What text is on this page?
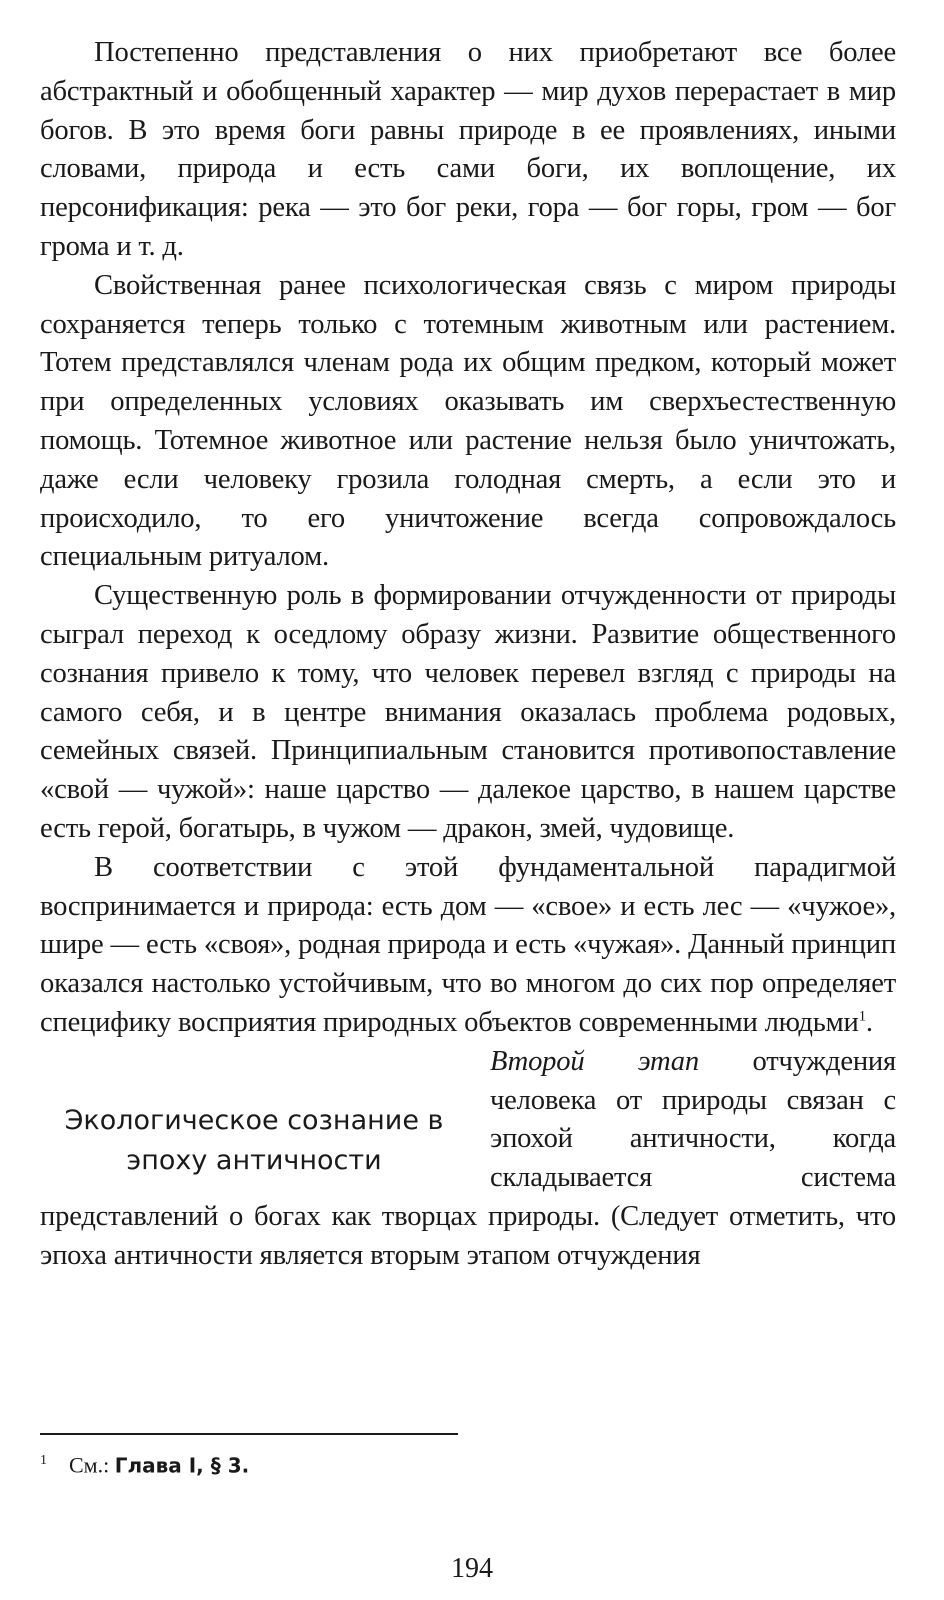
Постепенно представления о них приобретают все более абстрактный и обобщенный характер — мир духов перерастает в мир богов. В это время боги равны природе в ее проявлениях, иными словами, природа и есть сами боги, их воплощение, их персонификация: река — это бог реки, гора — бог горы, гром — бог грома и т. д.

Свойственная ранее психологическая связь с миром природы сохраняется теперь только с тотемным животным или растением. Тотем представлялся членам рода их общим предком, который может при определенных условиях оказывать им сверхъестественную помощь. Тотемное животное или растение нельзя было уничтожать, даже если человеку грозила голодная смерть, а если это и происходило, то его уничтожение всегда сопровождалось специальным ритуалом.

Существенную роль в формировании отчужденности от природы сыграл переход к оседлому образу жизни. Развитие общественного сознания привело к тому, что человек перевел взгляд с природы на самого себя, и в центре внимания оказалась проблема родовых, семейных связей. Принципиальным становится противопоставление «свой — чужой»: наше царство — далекое царство, в нашем царстве есть герой, богатырь, в чужом — дракон, змей, чудовище.

В соответствии с этой фундаментальной парадигмой воспринимается и природа: есть дом — «свое» и есть лес — «чужое», шире — есть «своя», родная природа и есть «чужая». Данный принцип оказался настолько устойчивым, что во многом до сих пор определяет специфику восприятия природных объектов современными людьми$^1$.

Экологическое сознание в
эпоху античности

Второй этап отчуждения человека от природы связан с эпохой античности, когда складывается система представлений о богах как творцах природы. (Следует отметить, что эпоха античности является вторым этапом отчуждения

$^1$ См.: Глава I, § 3.
194
